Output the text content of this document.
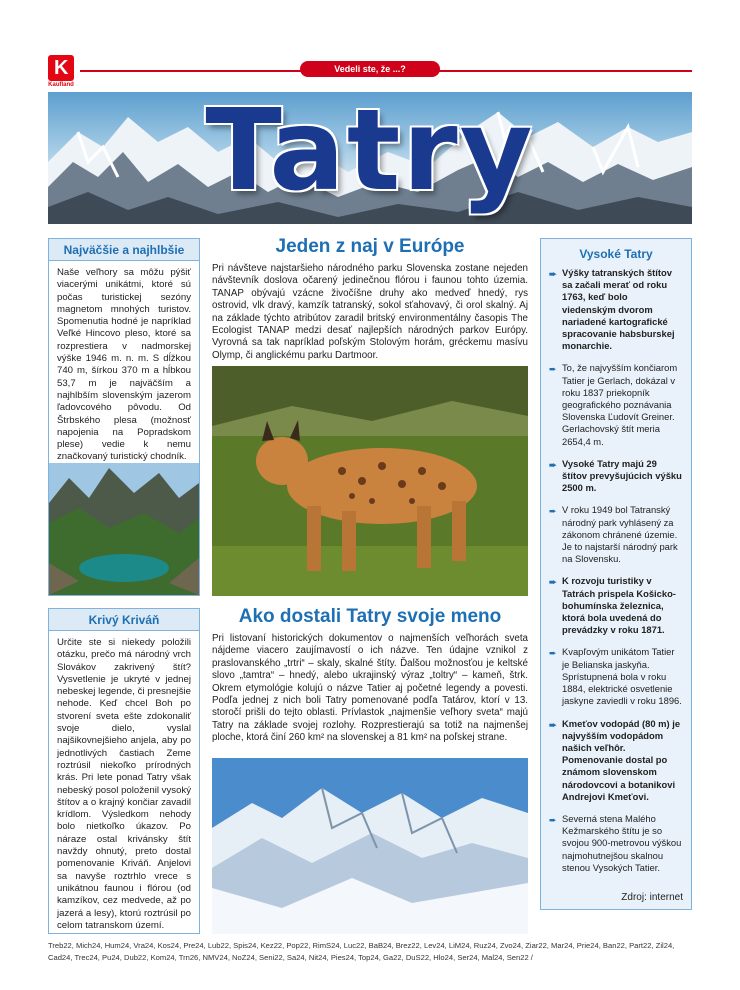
K
Kaufland
Vedeli ste, že ...?
Tatry
Najväčšie a najhlbšie
Naše veľhory sa môžu pýšiť viacerými unikátmi, ktoré sú počas turistickej sezóny magnetom mnohých turistov. Spomenutia hodné je napríklad Veľké Hincovo pleso, ktoré sa rozprestiera v nadmorskej výške 1946 m. n. m. S dĺžkou 740 m, šírkou 370 m a hĺbkou 53,7 m je najväčším a najhlbším slovenským jazerom ľadovcového pôvodu. Od Štrbského plesa (možnosť napojenia na Popradskom plese) vedie k nemu značkovaný turistický chodník.
Krivý Kriváň
Určite ste si niekedy položili otázku, prečo má národný vrch Slovákov zakrivený štít? Vysvetlenie je ukryté v jednej nebeskej legende, či presnejšie nehode. Keď chcel Boh po stvorení sveta ešte zdokonaliť svoje dielo, vyslal najšikovnejšieho anjela, aby po jednotlivých častiach Zeme roztrúsil niekoľko prírodných krás. Pri lete ponad Tatry však nebeský posol položenil vysoký štítov a o krajný končiar zavadil krídlom. Výsledkom nehody bolo nietkoľko úkazov. Po náraze ostal krivánsky štít navždy ohnutý, preto dostal pomenovanie Kriváň. Anjelovi sa navyše roztrhlo vrece s unikátnou faunou i flórou (od kamzíkov, cez medvede, až po jazerá a lesy), ktorú roztrúsil po celom tatranskom území.
Jeden z naj v Európe
Pri návšteve najstaršieho národného parku Slovenska zostane nejeden návštevník doslova očarený jedinečnou flórou i faunou tohto územia. TANAP obývajú vzácne živočíšne druhy ako medveď hnedý, rys ostrovid, vlk dravý, kamzík tatranský, sokol sťahovavý, či orol skalný. Aj na základe týchto atribútov zaradil britský environmentálny časopis The Ecologist TANAP medzi desať najlepších národných parkov Európy. Vyrovná sa tak napríklad poľským Stolovým horám, gréckemu masívu Olymp, či anglickému parku Dartmoor.
Ako dostali Tatry svoje meno
Pri listovaní historických dokumentov o najmenších veľhorách sveta nájdeme viacero zaujímavostí o ich názve. Ten údajne vznikol z praslovanského „trtri“ – skaly, skalné štíty. Ďalšou možnosťou je keltské slovo „tamtra“ – hnedý, alebo ukrajinský výraz „toltry“ – kameň, štrk. Okrem etymológie kolujú o názve Tatier aj početné legendy a povesti. Podľa jednej z nich boli Tatry pomenované podľa Tatárov, ktorí v 13. storočí prišli do tejto oblasti. Prívlastok „najmenšie veľhory sveta“ majú Tatry na základe svojej rozlohy. Rozprestierajú sa totiž na najmenšej ploche, ktorá činí 260 km² na slovenskej a 81 km² na poľskej strane.
Vysoké Tatry
➨ Výšky tatranských štítov sa začali merať od roku 1763, keď bolo viedenským dvorom nariadené kartografické spracovanie habsburskej monarchie.
➨ To, že najvyšším končiarom Tatier je Gerlach, dokázal v roku 1837 priekopník geografického poznávania Slovenska Ľudovít Greiner. Gerlachovský štít meria 2654,4 m.
➨ Vysoké Tatry majú 29 štítov prevyšujúcich výšku 2500 m.
➨ V roku 1949 bol Tatranský národný park vyhlásený za zákonom chránené územie. Je to najstarší národný park na Slovensku.
➨ K rozvoju turistiky v Tatrách prispela Košicko-bohumínska železnica, ktorá bola uvedená do prevádzky v roku 1871.
➨ Kvapľovým unikátom Tatier je Belianska jaskyňa. Sprístupnená bola v roku 1884, elektrické osvetlenie jaskyne zaviedli v roku 1896.
➨ Kmeťov vodopád (80 m) je najvyšším vodopádom našich veľhôr. Pomenovanie dostal po známom slovenskom národovcovi a botanikovi Andrejovi Kmeťovi.
➨ Severná stena Malého Kežmarského štítu je so svojou 900-metrovou výškou najmohutnejšou skalnou stenou Vysokých Tatier.
Zdroj: internet
Treb22, Mich24, Hum24, Vra24, Kos24, Pre24, Lub22, Spis24, Kez22, Pop22, RimS24, Luc22, BaB24, Brez22, Lev24, LiM24, Ruz24, Zvo24, Ziar22, Mar24, Prie24, Ban22, Part22, Zil24, Cad24, Trec24, Pu24, Dub22, Kom24, Trn26, NMV24, NoZ24, Seni22, Sa24, Nit24, Pies24, Top24, Ga22, DuS22, Hlo24, Ser24, Mal24, Sen22 /
